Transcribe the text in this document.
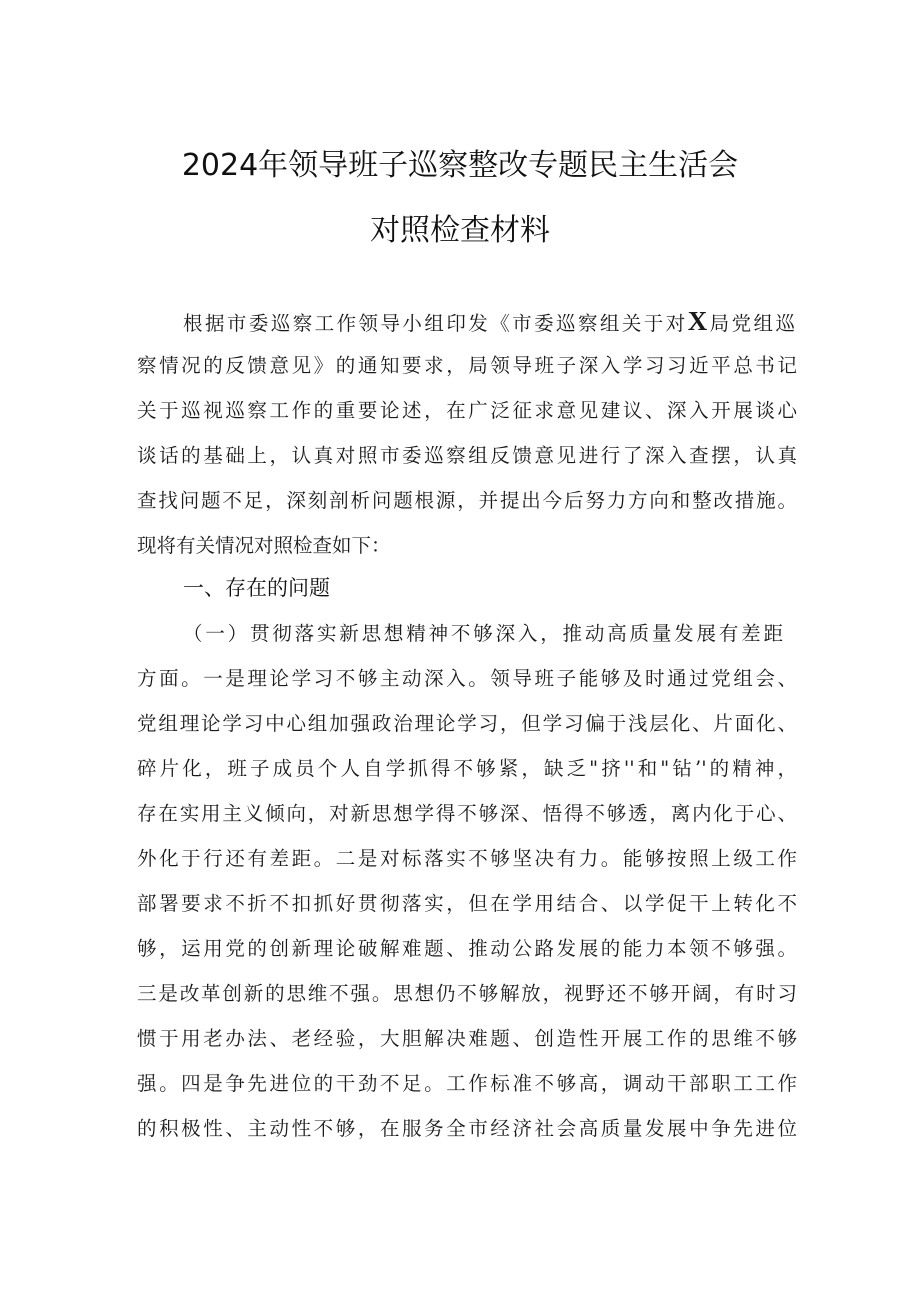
2024年领导班子巡察整改专题民主生活会
对照检查材料
根据市委巡察工作领导小组印发《市委巡察组关于对X局党组巡
察情况的反馈意见》的通知要求，局领导班子深入学习习近平总书记
关于巡视巡察工作的重要论述，在广泛征求意见建议、深入开展谈心
谈话的基础上，认真对照市委巡察组反馈意见进行了深入查摆，认真
查找问题不足，深刻剖析问题根源，并提出今后努力方向和整改措施。
现将有关情况对照检查如下：
一、存在的问题
（一）贯彻落实新思想精神不够深入，推动高质量发展有差距
方面。一是理论学习不够主动深入。领导班子能够及时通过党组会、
党组理论学习中心组加强政治理论学习，但学习偏于浅层化、片面化、
碎片化，班子成员个人自学抓得不够紧，缺乏"挤''和"钻’'的精神，
存在实用主义倾向，对新思想学得不够深、悟得不够透，离内化于心、
外化于行还有差距。二是对标落实不够坚决有力。能够按照上级工作
部署要求不折不扣抓好贯彻落实，但在学用结合、以学促干上转化不
够，运用党的创新理论破解难题、推动公路发展的能力本领不够强。
三是改革创新的思维不强。思想仍不够解放，视野还不够开阔，有时习
惯于用老办法、老经验，大胆解决难题、创造性开展工作的思维不够
强。四是争先进位的干劲不足。工作标准不够高，调动干部职工工作
的积极性、主动性不够，在服务全市经济社会高质量发展中争先进位
